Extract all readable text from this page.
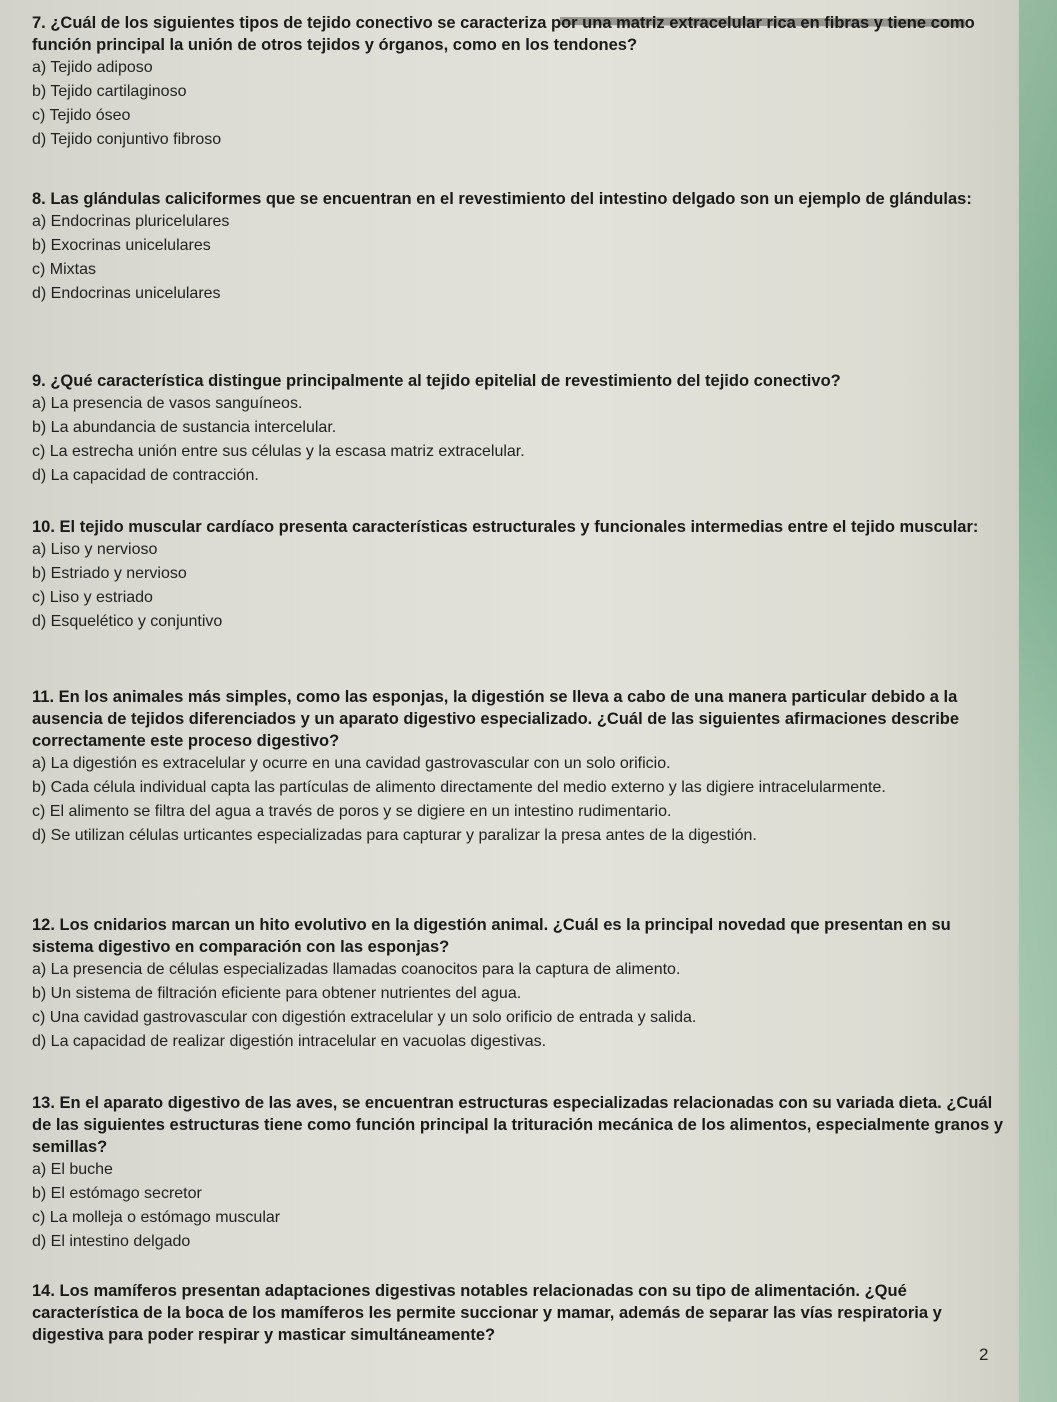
7. ¿Cuál de los siguientes tipos de tejido conectivo se caracteriza por una matriz extracelular rica en fibras y tiene como función principal la unión de otros tejidos y órganos, como en los tendones?

a) Tejido adiposo

b) Tejido cartilaginoso

c) Tejido óseo

d) Tejido conjuntivo fibroso

8. Las glándulas caliciformes que se encuentran en el revestimiento del intestino delgado son un ejemplo de glándulas:

a) Endocrinas pluricelulares

b) Exocrinas unicelulares

c) Mixtas

d) Endocrinas unicelulares

9. ¿Qué característica distingue principalmente al tejido epitelial de revestimiento del tejido conectivo?

a) La presencia de vasos sanguíneos.

b) La abundancia de sustancia intercelular.

c) La estrecha unión entre sus células y la escasa matriz extracelular.

d) La capacidad de contracción.

10. El tejido muscular cardíaco presenta características estructurales y funcionales intermedias entre el tejido muscular:

a) Liso y nervioso

b) Estriado y nervioso

c) Liso y estriado

d) Esquelético y conjuntivo

11. En los animales más simples, como las esponjas, la digestión se lleva a cabo de una manera particular debido a la ausencia de tejidos diferenciados y un aparato digestivo especializado. ¿Cuál de las siguientes afirmaciones describe correctamente este proceso digestivo?

a) La digestión es extracelular y ocurre en una cavidad gastrovascular con un solo orificio.

b) Cada célula individual capta las partículas de alimento directamente del medio externo y las digiere intracelularmente.

c) El alimento se filtra del agua a través de poros y se digiere en un intestino rudimentario.

d) Se utilizan células urticantes especializadas para capturar y paralizar la presa antes de la digestión.

12. Los cnidarios marcan un hito evolutivo en la digestión animal. ¿Cuál es la principal novedad que presentan en su sistema digestivo en comparación con las esponjas?

a) La presencia de células especializadas llamadas coanocitos para la captura de alimento.

b) Un sistema de filtración eficiente para obtener nutrientes del agua.

c) Una cavidad gastrovascular con digestión extracelular y un solo orificio de entrada y salida.

d) La capacidad de realizar digestión intracelular en vacuolas digestivas.

13. En el aparato digestivo de las aves, se encuentran estructuras especializadas relacionadas con su variada dieta. ¿Cuál de las siguientes estructuras tiene como función principal la trituración mecánica de los alimentos, especialmente granos y semillas?

a) El buche

b) El estómago secretor

c) La molleja o estómago muscular

d) El intestino delgado

14. Los mamíferos presentan adaptaciones digestivas notables relacionadas con su tipo de alimentación. ¿Qué característica de la boca de los mamíferos les permite succionar y mamar, además de separar las vías respiratoria y digestiva para poder respirar y masticar simultáneamente?

2
